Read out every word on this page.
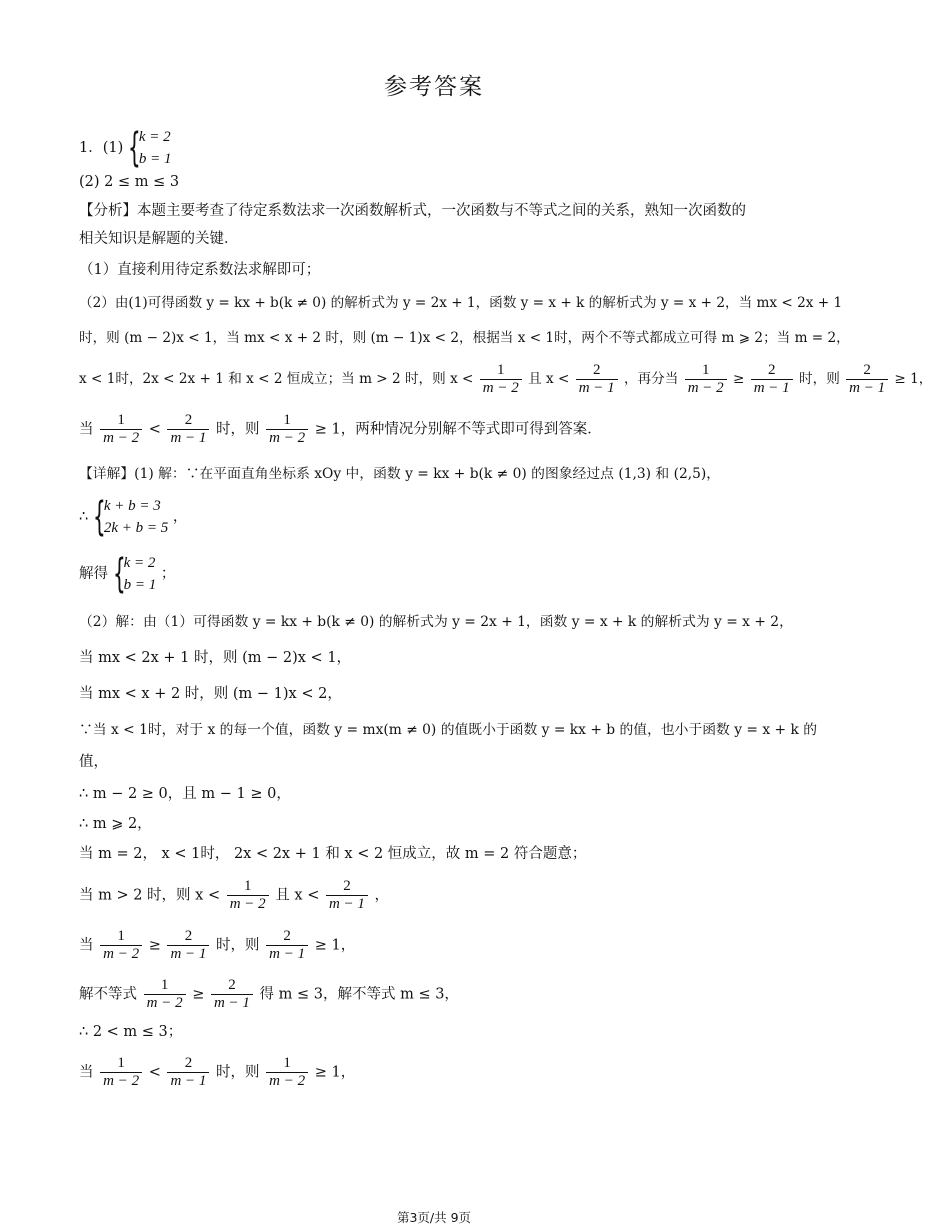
参考答案
1．(1) {
k = 2
b = 1
(2) 2 ≤ m ≤ 3
【分析】本题主要考查了待定系数法求一次函数解析式，一次函数与不等式之间的关系，熟知一次函数的
相关知识是解题的关键．
（1）直接利用待定系数法求解即可；
（2）由(1)可得函数 y = kx + b(k ≠ 0) 的解析式为 y = 2x + 1，函数 y = x + k 的解析式为 y = x + 2，当 mx < 2x + 1
时，则 (m − 2)x < 1，当 mx < x + 2 时，则 (m − 1)x < 2，根据当 x < 1时，两个不等式都成立可得 m ⩾ 2；当 m = 2，
x < 1时，2x < 2x + 1 和 x < 2 恒成立；当 m > 2 时，则 $x < \frac{1}{m - 2}$ 且 $x < \frac{2}{m - 1}$ ，再分当 $\frac{1}{m - 2} \ge \frac{2}{m - 1}$ 时，则 $\frac{2}{m - 1} \ge 1$，
当 $\frac{1}{m - 2} < \frac{2}{m - 1}$ 时，则 $\frac{1}{m - 2} \ge 1$，两种情况分别解不等式即可得到答案．
【详解】(1) 解：∵在平面直角坐标系 xOy 中，函数 y = kx + b(k ≠ 0) 的图象经过点 (1,3) 和 (2,5)，
∴ {
k + b = 3
2k + b = 5
，
解得 {
k = 2
b = 1
；
（2）解：由（1）可得函数 y = kx + b(k ≠ 0) 的解析式为 y = 2x + 1，函数 y = x + k 的解析式为 y = x + 2，
当 mx < 2x + 1 时，则 (m − 2)x < 1，
当 mx < x + 2 时，则 (m − 1)x < 2，
∵当 x < 1时，对于 x 的每一个值，函数 y = mx(m ≠ 0) 的值既小于函数 y = kx + b 的值，也小于函数 y = x + k 的
值，
∴ m − 2 ≥ 0，且 m − 1 ≥ 0，
∴ m ⩾ 2，
当 m = 2， x < 1时， 2x < 2x + 1 和 x < 2 恒成立，故 m = 2 符合题意；
当 m > 2 时，则 $x < \frac{1}{m - 2}$ 且 $x < \frac{2}{m - 1}$ ，
当 $\frac{1}{m - 2} \ge \frac{2}{m - 1}$ 时，则 $\frac{2}{m - 1} \ge 1$，
解不等式 $\frac{1}{m - 2} \ge \frac{2}{m - 1}$ 得 m ≤ 3，解不等式 m ≤ 3，
∴ 2 < m ≤ 3；
当 $\frac{1}{m - 2} < \frac{2}{m - 1}$ 时，则 $\frac{1}{m - 2} \ge 1$，
第3页/共 9页
